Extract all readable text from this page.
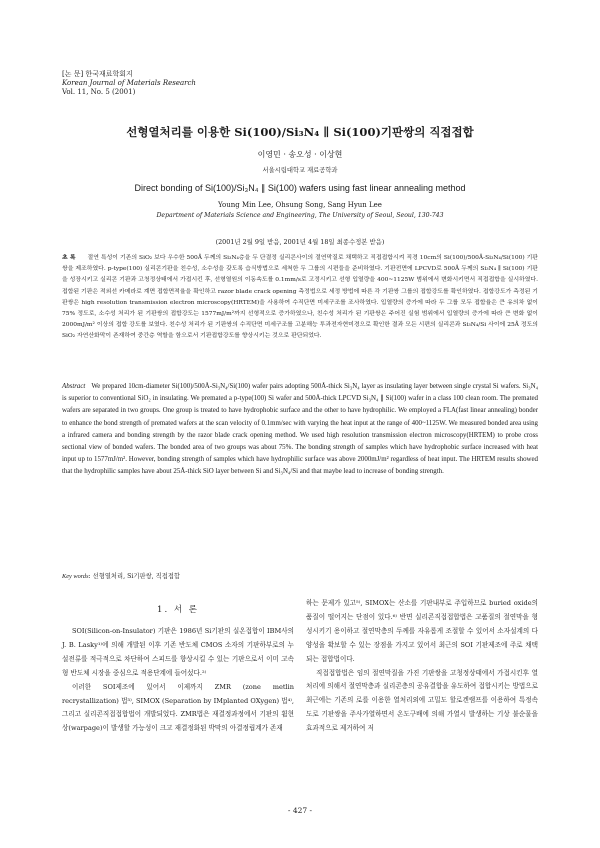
[논 문] 한국재료학회지
Korean Journal of Materials Research
Vol. 11, No. 5 (2001)
선형열처리를 이용한 Si(100)/Si₃N₄ ∥ Si(100)기판쌍의 직접접합
이영민 · 송오성 · 이상현
서울시립대학교 재료공학과
Direct bonding of Si(100)/Si₃N₄ ∥ Si(100) wafers using fast linear annealing method
Young Min Lee, Ohsung Song, Sang Hyun Lee
Department of Materials Science and Engineering, The University of Seoul, Seoul, 130-743
(2001년 2월 9일 받음, 2001년 4월 18일 최종수정본 받음)
초 록 절연 특성이 기존의 SiO₂ 보다 우수한 500Å 두께의 Si₃N₄층을 두 단결정 실리콘사이의 절연막질로 채택하고 직접접합시켜 직경 10cm의 Si(100)/500Å-Si₃N₄/Si(100) 기판쌍을 제조하였다. p-type(100) 실리콘기판을 친수성, 소수성을 갖도록 습식방법으로 세척한 두 그룹의 시편들을 준비하였다. 기판전면에 LPCVD로 500Å 두께의 Si₃N₄ ∥ Si(100) 기판을 성장시키고 실리콘 기판과 고청정상태에서 가접시킨 후, 선형열원의 이동속도를 0.1mm/s로 고정시키고 선형 입열량을 400~1125W 범위에서 변화시키면서 직접접합을 실시하였다. 접합된 기판은 적외선 카메라로 계면 접합면적율을 확인하고 razor blade crack opening 측정법으로 세정 방법에 따른 각 기판쌍 그룹의 접합강도를 확인하였다. 접합강도가 측정된 기판쌍은 high resolution transmission electron microscopy(HRTEM)을 사용하여 수직단면 미세구조를 조사하였다. 입열량의 증가에 따라 두 그룹 모두 접합율은 큰 유의차 없이 75% 정도로, 소수성 처리가 된 기판쌍의 접합강도는 1577mJ/m²까지 선형적으로 증가하였으나, 친수성 처리가 된 기판쌍은 주어진 실험 범위에서 입열량의 증가에 따라 큰 변화 없이 2000mJ/m² 이상의 접합 강도를 보였다. 친수성 처리가 된 기판쌍의 수직단면 미세구조를 고분해능 투과전자현미경으로 확인한 결과 모든 시편의 실리콘과 Si₃N₄/Si 사이에 25Å 정도의 SiO₂ 자연산화막이 존재하여 중간층 역할을 함으로서 기판접합강도를 향상시키는 것으로 판단되었다.
Abstract We prepared 10cm-diameter Si(100)/500Å-Si₃N₄/Si(100) wafer pairs adopting 500Å-thick Si₃N₄ layer as insulating layer between single crystal Si wafers. Si₃N₄ is superior to conventional SiO₂ in insulating. We premated a p-type(100) Si wafer and 500Å-thick LPCVD Si₃N₄ ∥ Si(100) wafer in a class 100 clean room. The premated wafers are separated in two groups. One group is treated to have hydrophobic surface and the other to have hydrophilic. We employed a FLA(fast linear annealing) bonder to enhance the bond strength of premated wafers at the scan velocity of 0.1mm/sec with varying the heat input at the range of 400~1125W. We measured bonded area using a infrared camera and bonding strength by the razor blade crack opening method. We used high resolution transmission electron microscopy(HRTEM) to probe cross sectional view of bonded wafers. The bonded area of two groups was about 75%. The bonding strength of samples which have hydrophobic surface increased with heat input up to 1577mJ/m². However, bonding strength of samples which have hydrophilic surface was above 2000mJ/m² regardless of heat input. The HRTEM results showed that the hydrophilic samples have about 25Å-thick SiO layer between Si and Si₃N₄/Si and that maybe lead to increase of bonding strength.
Key words: 선형열처리, Si기판쌍, 직접접합
1. 서 론

SOI(Silicon-on-Insulator) 기판은 1986년 Si기판의 실온접합이 IBM사의 J. B. Lasky¹⁾에 의해 개발된 이후 기존 반도체 CMOS 소자의 기판하부로의 누설전류를 적극적으로 차단하여 스피드를 향상시킬 수 있는 기판으로서 이미 고속형 반도체 시장을 중심으로 적용단계에 들어섰다.²⁾

이러한 SOI제조에 있어서 이제까지 ZMR (zone metlin recrystallization) 법³⁾, SIMOX (Separation by IMplanted OXygen) 법⁴⁾, 그리고 실리콘직접접합법이 개발되었다. ZMR법은 재결정과정에서 기판의 휨현상(warpage)이 발생할 가능성이 크고 재결정화된 박막의 아결정립계가 존재

하는 문제가 있고⁵⁾, SIMOX는 산소를 기판내부로 주입하므로 buried oxide의 품질이 떨어지는 단점이 있다.⁶⁾ 반면 실리콘직접접합법은 고품질의 절연막을 형성시키기 용이하고 절연막층의 두께를 자유롭게 조절할 수 있어서 소자설계의 다양성을 확보할 수 있는 장점을 가지고 있어서 최근의 SOI 기판제조에 주로 채택되는 접합법이다.

직접접합법은 임의 절연막질을 가진 기판쌍을 고청정상태에서 가접시킨후 열처리에 의해서 절연막층과 실리콘층의 공유결합을 유도하여 접합시키는 방법으로 최근에는 기존의 로를 이용한 열처리외에 고밀도 할로겐램프를 이용하여 특정속도로 기판쌍을 주사가열하면서 온도구배에 의해 가열시 발생하는 기상 불순물을 효과적으로 제거하여 저

- 427 -
